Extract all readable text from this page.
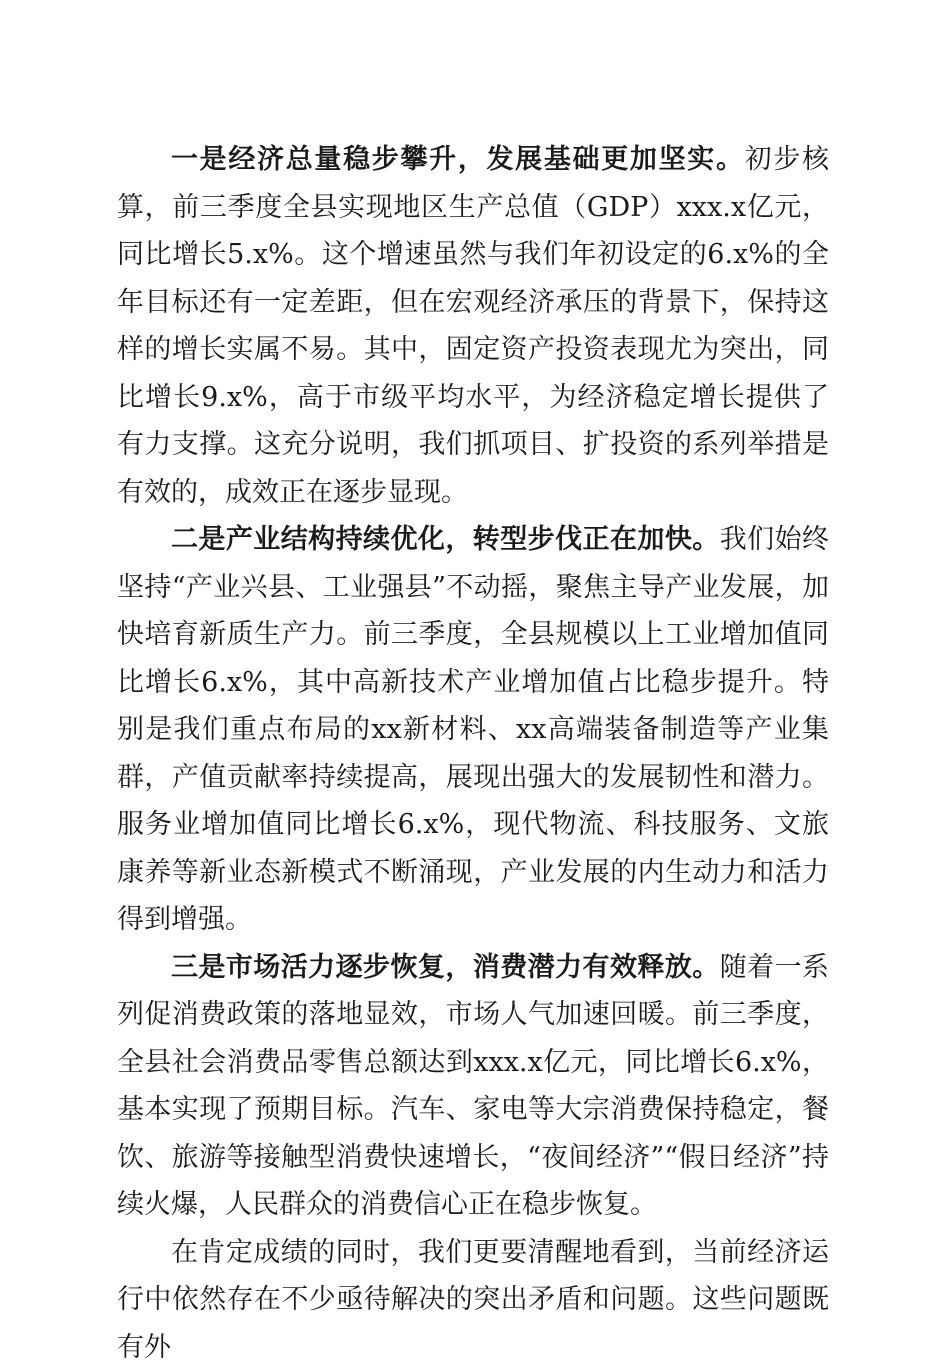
一是经济总量稳步攀升，发展基础更加坚实。初步核算，前三季度全县实现地区生产总值（GDP）xxx.x亿元，同比增长5.x%。这个增速虽然与我们年初设定的6.x%的全年目标还有一定差距，但在宏观经济承压的背景下，保持这样的增长实属不易。其中，固定资产投资表现尤为突出，同比增长9.x%，高于市级平均水平，为经济稳定增长提供了有力支撑。这充分说明，我们抓项目、扩投资的系列举措是有效的，成效正在逐步显现。

二是产业结构持续优化，转型步伐正在加快。我们始终坚持“产业兴县、工业强县”不动摇，聚焦主导产业发展，加快培育新质生产力。前三季度，全县规模以上工业增加值同比增长6.x%，其中高新技术产业增加值占比稳步提升。特别是我们重点布局的xx新材料、xx高端装备制造等产业集群，产值贡献率持续提高，展现出强大的发展韧性和潜力。服务业增加值同比增长6.x%，现代物流、科技服务、文旅康养等新业态新模式不断涌现，产业发展的内生动力和活力得到增强。

三是市场活力逐步恢复，消费潜力有效释放。随着一系列促消费政策的落地显效，市场人气加速回暖。前三季度，全县社会消费品零售总额达到xxx.x亿元，同比增长6.x%，基本实现了预期目标。汽车、家电等大宗消费保持稳定，餐饮、旅游等接触型消费快速增长，“夜间经济”“假日经济”持续火爆，人民群众的消费信心正在稳步恢复。

在肯定成绩的同时，我们更要清醒地看到，当前经济运行中依然存在不少亟待解决的突出矛盾和问题。这些问题既有外
